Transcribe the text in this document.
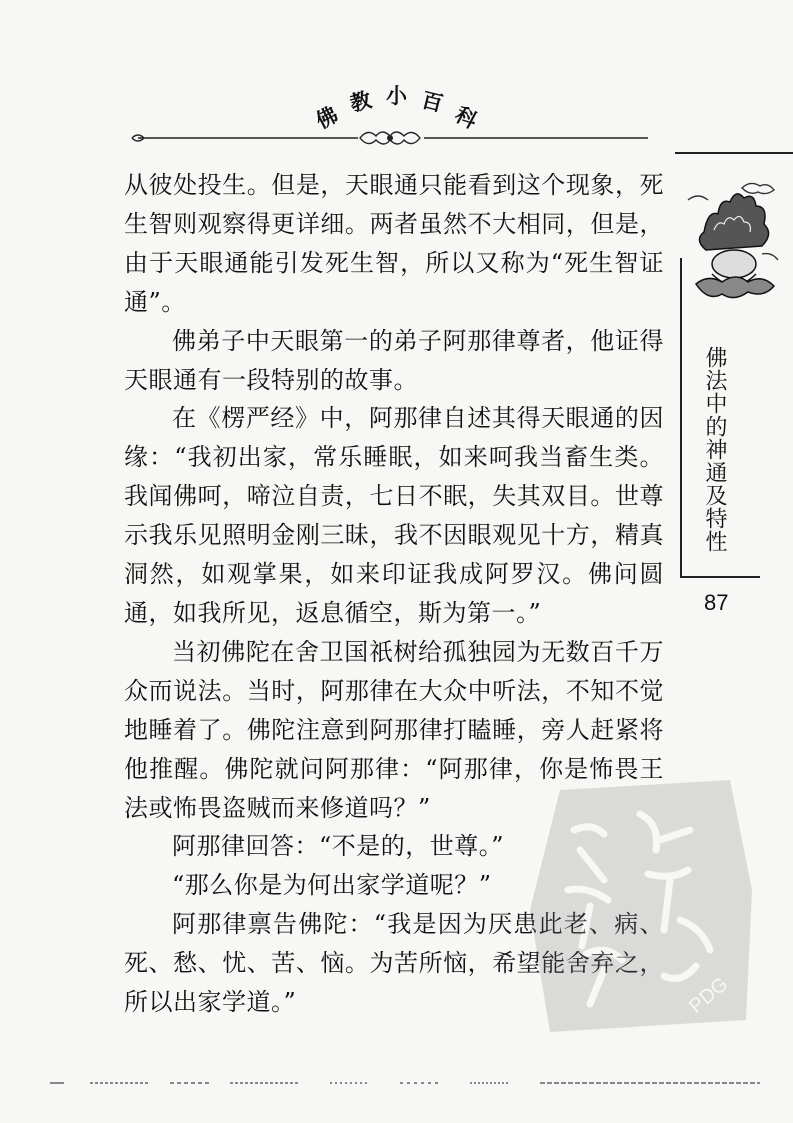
佛
教 小 百
科

从彼处投生。但是，天眼通只能看到这个现象，死生智则观察得更详细。两者虽然不大相同，但是，由于天眼通能引发死生智，所以又称为“死生智证通”。

佛弟子中天眼第一的弟子阿那律尊者，他证得天眼通有一段特别的故事。

在《楞严经》中，阿那律自述其得天眼通的因缘：“我初出家，常乐睡眠，如来呵我当畜生类。我闻佛呵，啼泣自责，七日不眠，失其双目。世尊示我乐见照明金刚三昧，我不因眼观见十方，精真洞然，如观掌果，如来印证我成阿罗汉。佛问圆通，如我所见，返息循空，斯为第一。”

当初佛陀在舍卫国祇树给孤独园为无数百千万众而说法。当时，阿那律在大众中听法，不知不觉地睡着了。佛陀注意到阿那律打瞌睡，旁人赶紧将他推醒。佛陀就问阿那律：“阿那律，你是怖畏王法或怖畏盗贼而来修道吗？”

阿那律回答：“不是的，世尊。”

“那么你是为何出家学道呢？”

阿那律禀告佛陀：“我是因为厌患此老、病、死、愁、忧、苦、恼。为苦所恼，希望能舍弃之，所以出家学道。”

佛法中的神通及特性
87
PDG
